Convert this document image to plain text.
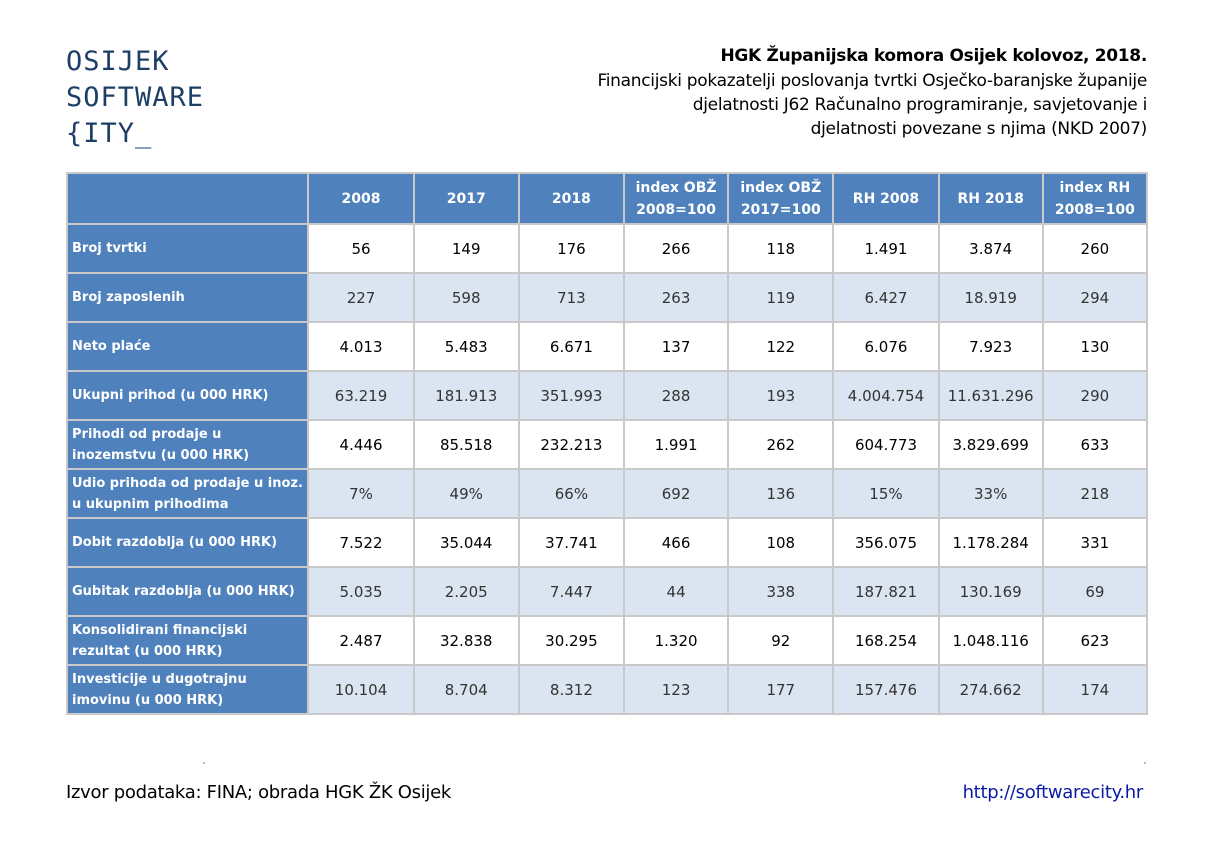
OSIJEK
SOFTWARE
{ITY_
HGK Županijska komora Osijek kolovoz, 2018.
Financijski pokazatelji poslovanja tvrtki Osječko-baranjske županije
djelatnosti J62 Računalno programiranje, savjetovanje i
djelatnosti povezane s njima (NKD 2007)
	2008	2017	2018	index OBŽ 2008=100	index OBŽ 2017=100	RH 2008	RH 2018	index RH 2008=100
Broj tvrtki	56	149	176	266	118	1.491	3.874	260
Broj zaposlenih	227	598	713	263	119	6.427	18.919	294
Neto plaće	4.013	5.483	6.671	137	122	6.076	7.923	130
Ukupni prihod (u 000 HRK)	63.219	181.913	351.993	288	193	4.004.754	11.631.296	290
Prihodi od prodaje u inozemstvu (u 000 HRK)	4.446	85.518	232.213	1.991	262	604.773	3.829.699	633
Udio prihoda od prodaje u inoz. u ukupnim prihodima	7%	49%	66%	692	136	15%	33%	218
Dobit razdoblja (u 000 HRK)	7.522	35.044	37.741	466	108	356.075	1.178.284	331
Gubitak razdoblja (u 000 HRK)	5.035	2.205	7.447	44	338	187.821	130.169	69
Konsolidirani financijski rezultat (u 000 HRK)	2.487	32.838	30.295	1.320	92	168.254	1.048.116	623
Investicije u dugotrajnu imovinu (u 000 HRK)	10.104	8.704	8.312	123	177	157.476	274.662	174
Izvor podataka: FINA; obrada HGK ŽK Osijek	http://softwarecity.hr
